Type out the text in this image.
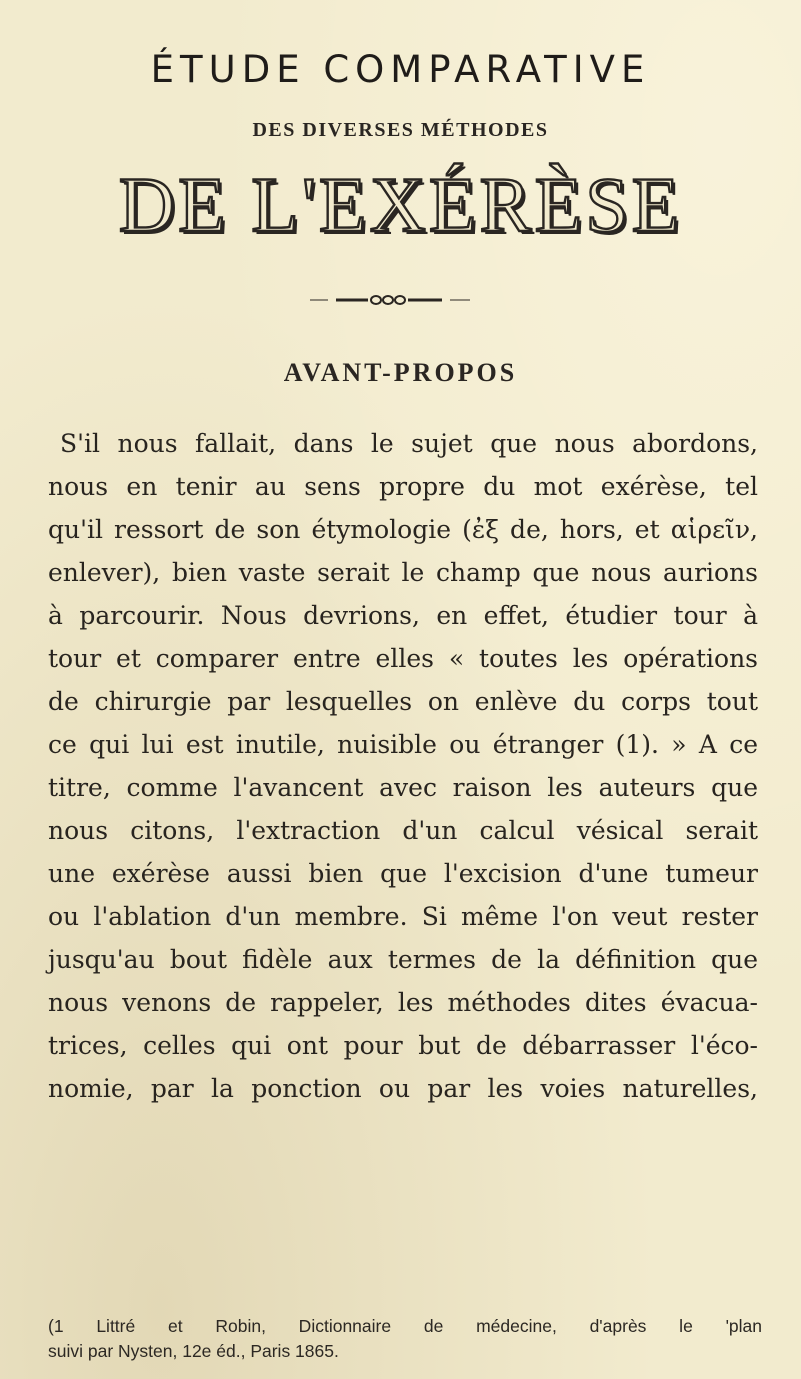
ÉTUDE COMPARATIVE
DES DIVERSES MÉTHODES
DE L'EXÉRÈSE
AVANT-PROPOS
S'il nous fallait, dans le sujet que nous abordons,
nous en tenir au sens propre du mot exérèse, tel
qu'il ressort de son étymologie (ἐξ de, hors, et αἱρεῖν,
enlever), bien vaste serait le champ que nous aurions
à parcourir. Nous devrions, en effet, étudier tour à
tour et comparer entre elles « toutes les opérations
de chirurgie par lesquelles on enlève du corps tout
ce qui lui est inutile, nuisible ou étranger (1). » A ce
titre, comme l'avancent avec raison les auteurs que
nous citons, l'extraction d'un calcul vésical serait
une exérèse aussi bien que l'excision d'une tumeur
ou l'ablation d'un membre. Si même l'on veut rester
jusqu'au bout fidèle aux termes de la définition que
nous venons de rappeler, les méthodes dites évacua-
trices, celles qui ont pour but de débarrasser l'éco-
nomie, par la ponction ou par les voies naturelles,
(1 Littré et Robin, Dictionnaire de médecine, d'après le 'plan
suivi par Nysten, 12e éd., Paris 1865.
